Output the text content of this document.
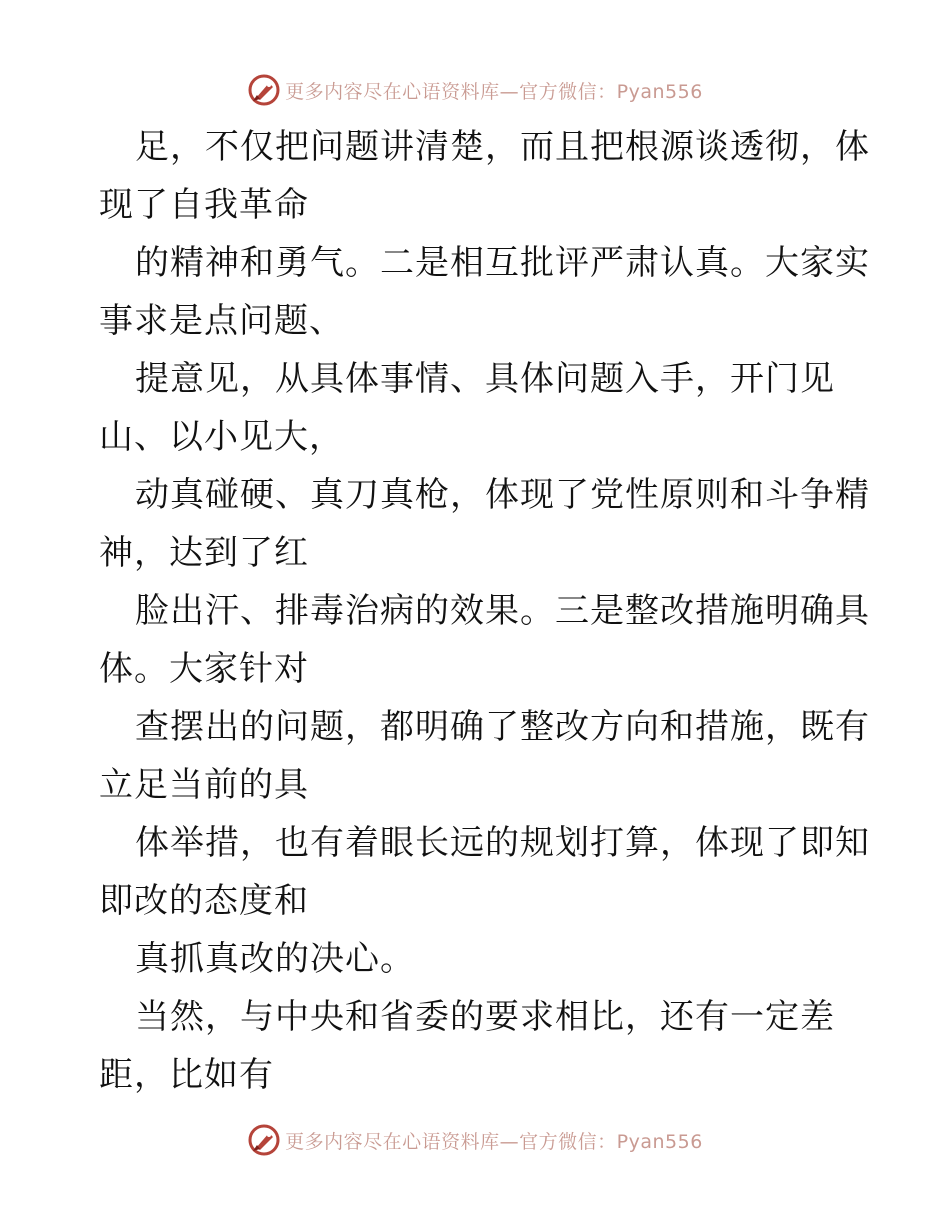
更多内容尽在心语资料库—官方微信：Pyan556
足，不仅把问题讲清楚，而且把根源谈透彻，体
现了自我革命
的精神和勇气。二是相互批评严肃认真。大家实
事求是点问题、
提意见，从具体事情、具体问题入手，开门见
山、以小见大，
动真碰硬、真刀真枪，体现了党性原则和斗争精
神，达到了红
脸出汗、排毒治病的效果。三是整改措施明确具
体。大家针对
查摆出的问题，都明确了整改方向和措施，既有
立足当前的具
体举措，也有着眼长远的规划打算，体现了即知
即改的态度和
真抓真改的决心。
当然，与中央和省委的要求相比，还有一定差
距，比如有
更多内容尽在心语资料库—官方微信：Pyan556
